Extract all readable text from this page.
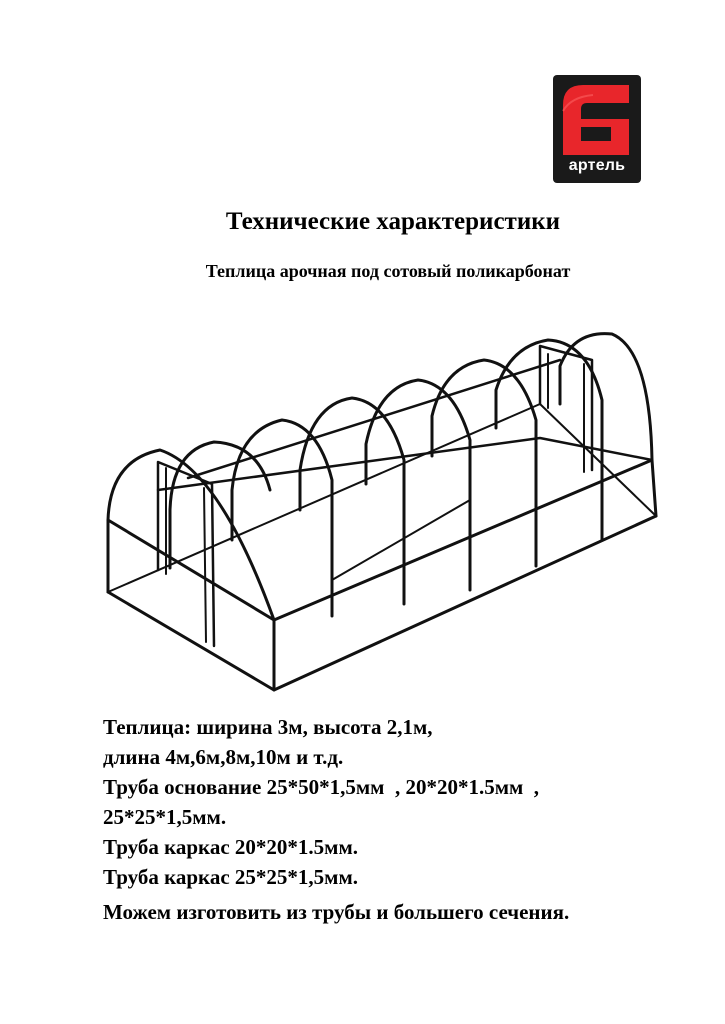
артель
Технические характеристики
Теплица арочная под сотовый поликарбонат
Теплица: ширина 3м, высота 2,1м,
длина 4м,6м,8м,10м и т.д.
Труба основание 25*50*1,5мм  , 20*20*1.5мм  ,
25*25*1,5мм.
Труба каркас 20*20*1.5мм.
Труба каркас 25*25*1,5мм.
Можем изготовить из трубы и большего сечения.
